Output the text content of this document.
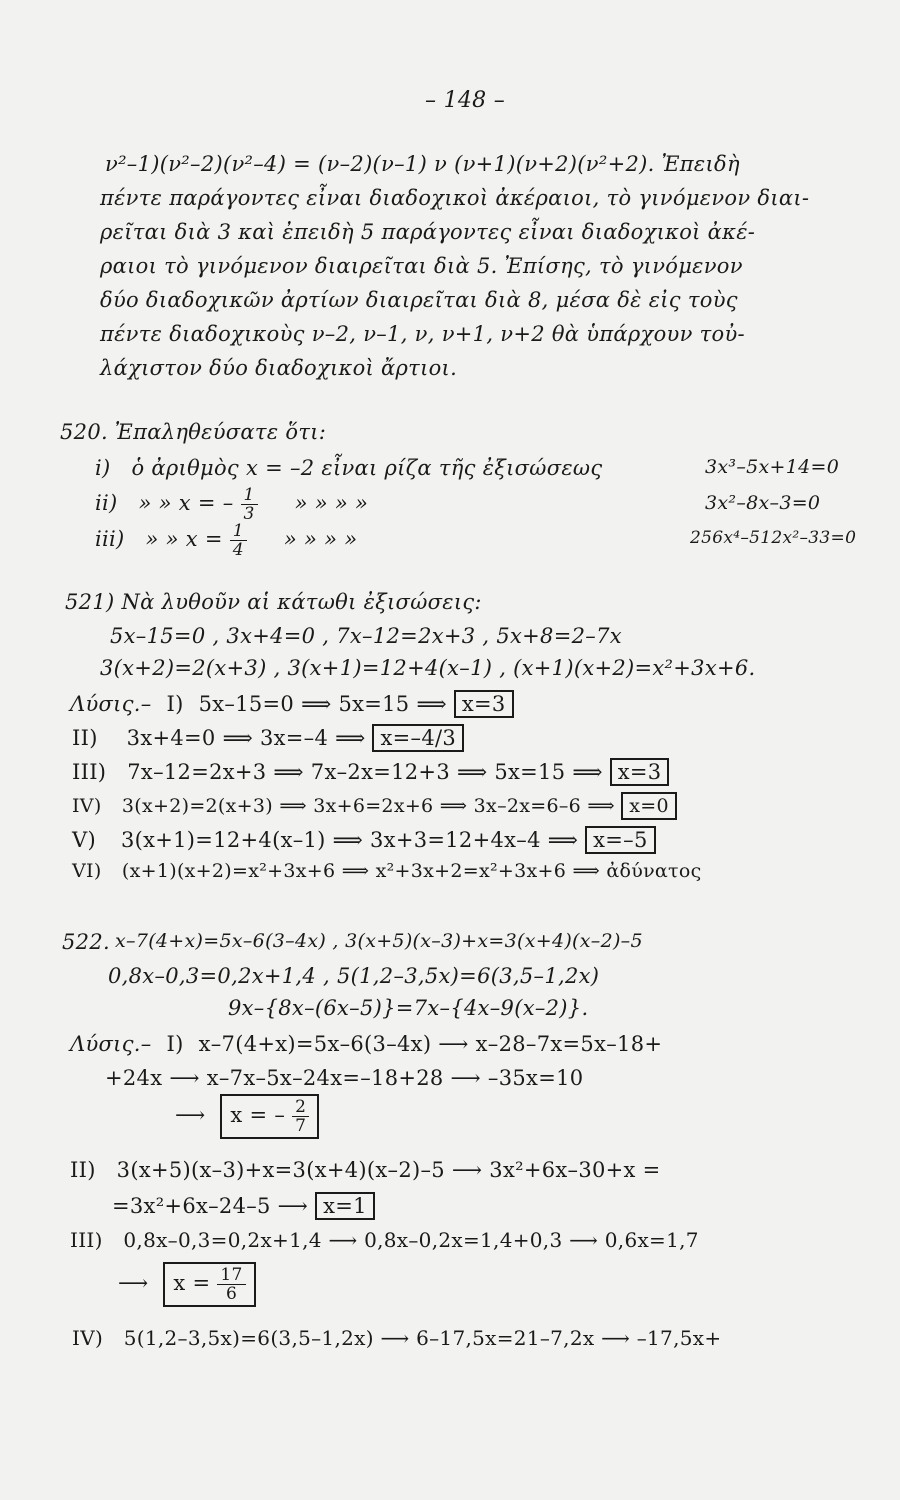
– 148 –
ν²–1)(ν²–2)(ν²–4) = (ν–2)(ν–1) ν (ν+1)(ν+2)(ν²+2). Ἐπειδὴ
πέντε παράγοντες εἶναι διαδοχικοὶ ἀκέραιοι, τὸ γινόμενον διαι-
ρεῖται διὰ 3 καὶ ἐπειδὴ 5 παράγοντες εἶναι διαδοχικοὶ ἀκέ-
ραιοι τὸ γινόμενον διαιρεῖται διὰ 5. Ἐπίσης, τὸ γινόμενον
δύο διαδοχικῶν ἀρτίων διαιρεῖται διὰ 8, μέσα δὲ εἰς τοὺς
πέντε διαδοχικοὺς ν–2, ν–1, ν, ν+1, ν+2 θὰ ὑπάρχουν τοὐ-
λάχιστον δύο διαδοχικοὶ ἄρτιοι.
520. Ἐπαληθεύσατε ὅτι:
i) ὁ ἀριθμὸς x = –2 εἶναι ρίζα τῆς ἐξισώσεως	3x³–5x+14=0
ii) » » x = – $\frac{1}{3}$ » » » »	3x²–8x–3=0
iii) » » $x = \frac{1}{4}$ » » » »	256x⁴–512x²–33=0
521) Νὰ λυθοῦν αἱ κάτωθι ἐξισώσεις:
5x–15=0 , 3x+4=0 , 7x–12=2x+3 , 5x+8=2–7x
3(x+2)=2(x+3) , 3(x+1)=12+4(x–1) , (x+1)(x+2)=x²+3x+6.
Λύσις.– I) 5x–15=0 ⟹ 5x=15 ⟹ x=3
II) 3x+4=0 ⟹ 3x=–4 ⟹ x=–4/3
III) 7x–12=2x+3 ⟹ 7x–2x=12+3 ⟹ 5x=15 ⟹ x=3
IV) 3(x+2)=2(x+3) ⟹ 3x+6=2x+6 ⟹ 3x–2x=6–6 ⟹ x=0
V) 3(x+1)=12+4(x–1) ⟹ 3x+3=12+4x–4 ⟹ x=–5
VI) (x+1)(x+2)=x²+3x+6 ⟹ x²+3x+2=x²+3x+6 ⟹ ἀδύνατος
522. x–7(4+x)=5x–6(3–4x) , 3(x+5)(x–3)+x=3(x+4)(x–2)–5
0,8x–0,3=0,2x+1,4 , 5(1,2–3,5x)=6(3,5–1,2x)
9x–{8x–(6x–5)}=7x–{4x–9(x–2)}.
Λύσις.– I) x–7(4+x)=5x–6(3–4x) ⟶ x–28–7x=5x–18+
+24x ⟶ x–7x–5x–24x=–18+28 ⟶ –35x=10
⟶ x = – $\frac{2}{7}$
II) 3(x+5)(x–3)+x=3(x+4)(x–2)–5 ⟶ 3x²+6x–30+x =
=3x²+6x–24–5 ⟶ x=1
III) 0,8x–0,3=0,2x+1,4 ⟶ 0,8x–0,2x=1,4+0,3 ⟶ 0,6x=1,7
⟶ $x = \frac{17}{6}$
IV) 5(1,2–3,5x)=6(3,5–1,2x) ⟶ 6–17,5x=21–7,2x ⟶ –17,5x+
